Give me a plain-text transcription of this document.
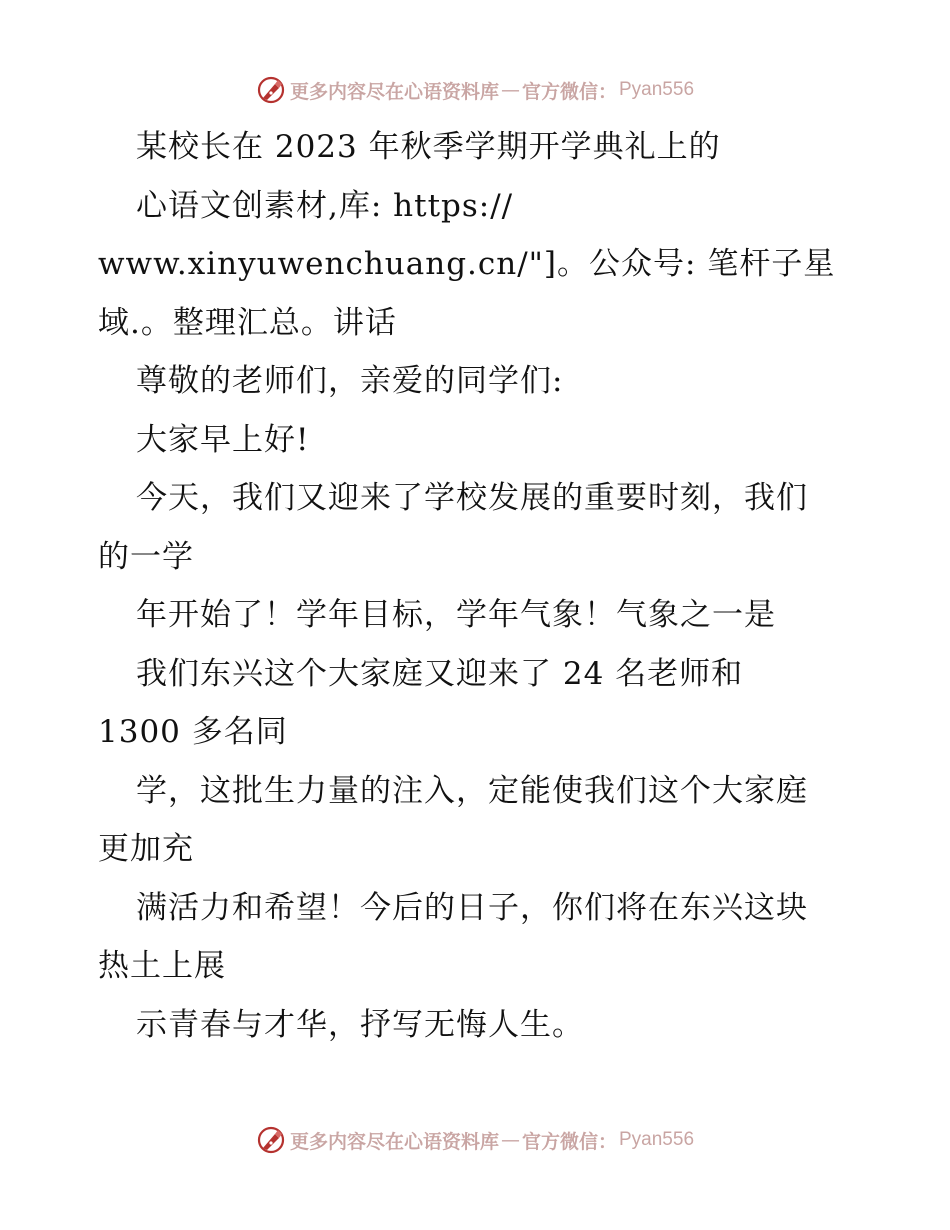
更多内容尽在心语资料库 — 官方微信： Pyan556
某校长在 2023 年秋季学期开学典礼上的
心语文创素材,库: https://
www.xinyuwenchuang.cn/"]。公众号: 笔杆子星
域.。整理汇总。讲话
尊敬的老师们，亲爱的同学们:
大家早上好!
今天，我们又迎来了学校发展的重要时刻，我们
的一学
年开始了！学年目标，学年气象！气象之一是
我们东兴这个大家庭又迎来了 24 名老师和
1300 多名同
学，这批生力量的注入，定能使我们这个大家庭
更加充
满活力和希望！今后的日子，你们将在东兴这块
热土上展
示青春与才华，抒写无悔人生。
更多内容尽在心语资料库 — 官方微信： Pyan556
